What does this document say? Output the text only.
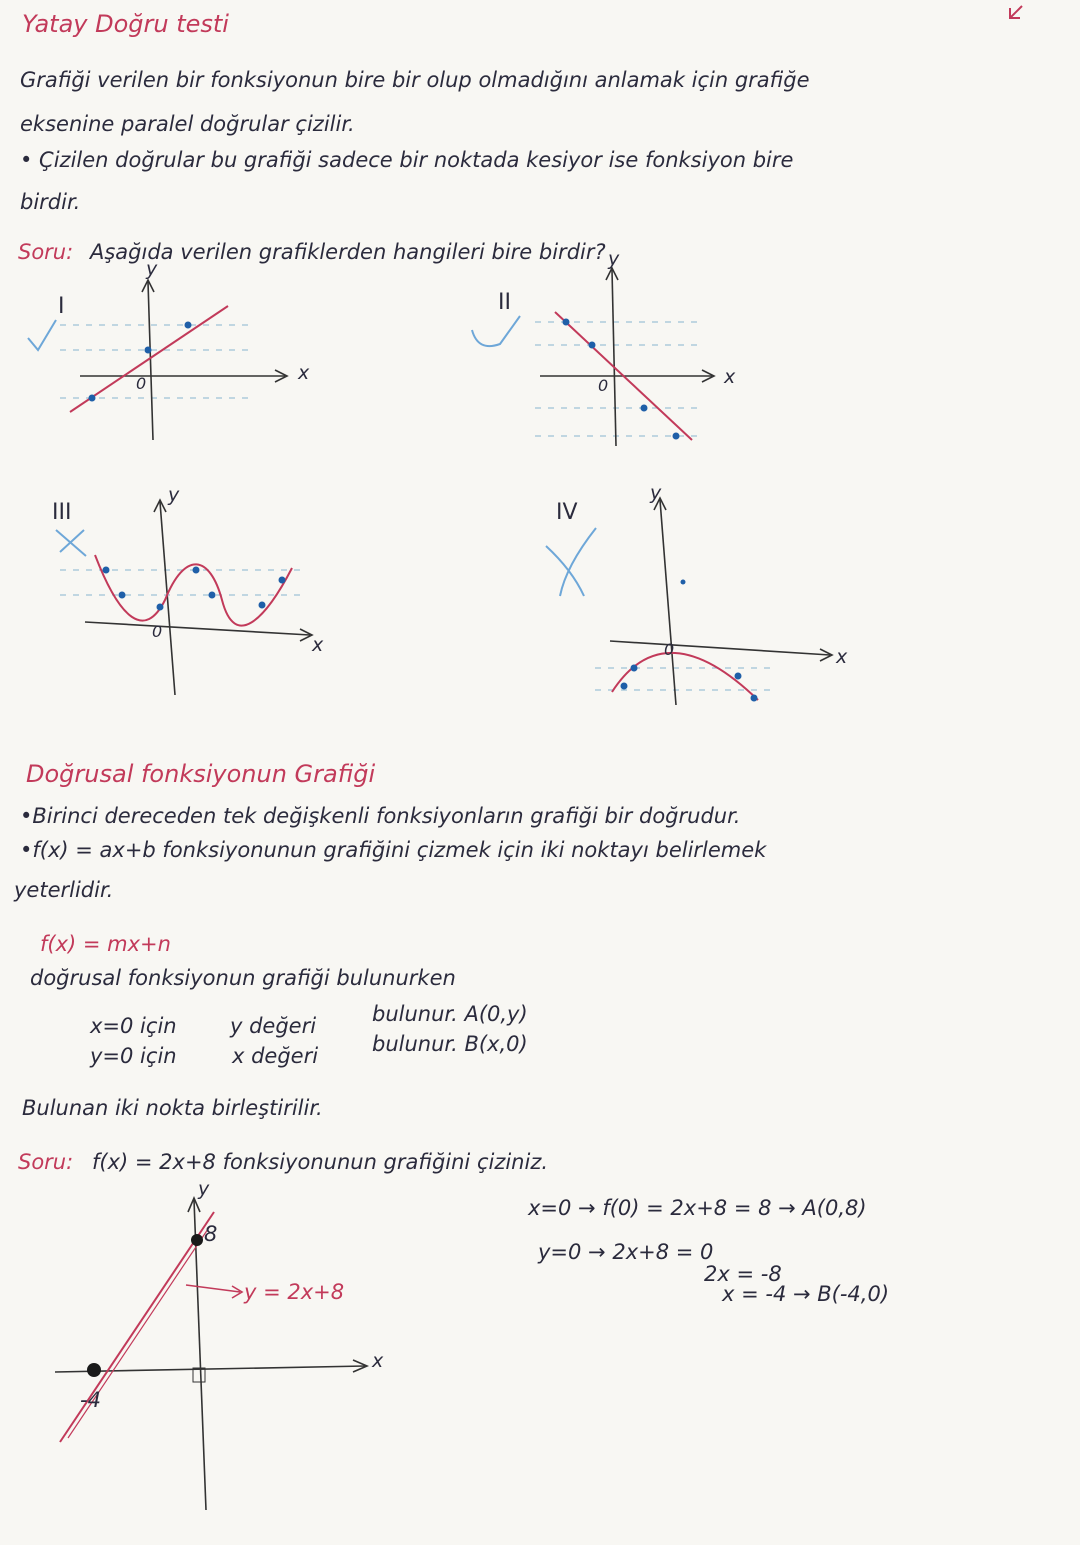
Yatay Doğru testi
Grafiği verilen bir fonksiyonun bire bir olup olmadığını anlamak için grafiğe
eksenine paralel doğrular çizilir.
• Çizilen doğrular bu grafiği sadece bir noktada kesiyor ise fonksiyon bire
birdir.
Soru: Aşağıda verilen grafiklerden hangileri bire birdir?
I	II
III	IV
y
x
0
y
x
0
y
x
0
y
x
0
Doğrusal fonksiyonun Grafiği
•Birinci dereceden tek değişkenli fonksiyonların grafiği bir doğrudur.
•f(x) = ax+b fonksiyonunun grafiğini çizmek için iki noktayı belirlemek
yeterlidir.
f(x) = mx+n
doğrusal fonksiyonun grafiği bulunurken
x=0 için	y değeri	bulunur. A(0,y)
y=0 için	x değeri	bulunur. B(x,0)
Bulunan iki nokta birleştirilir.
Soru: f(x) = 2x+8 fonksiyonunun grafiğini çiziniz.
x=0 → f(0) = 2x+8 = 8 → A(0,8)
y=0 → 2x+8 = 0
2x = -8
x = -4 → B(-4,0)
y = 2x+8
8
-4
y
x
